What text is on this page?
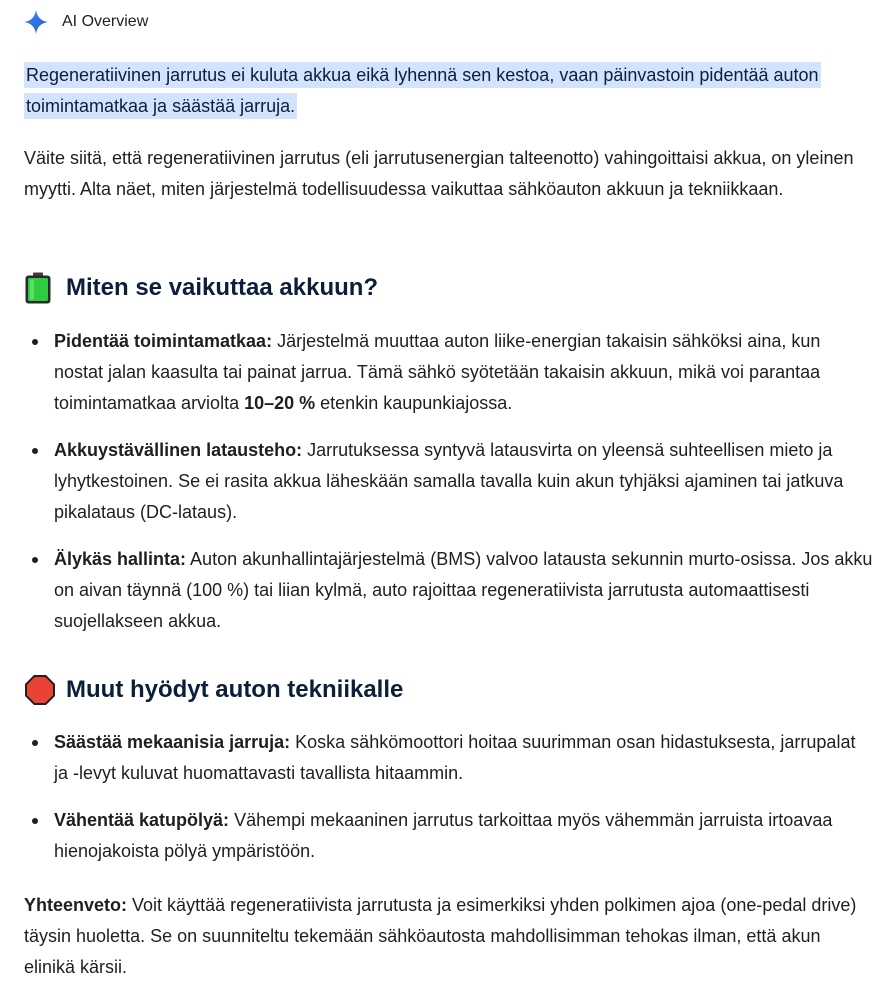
AI Overview
Regeneratiivinen jarrutus ei kuluta akkua eikä lyhennä sen kestoa, vaan päinvastoin pidentää auton toimintamatkaa ja säästää jarruja.

Väite siitä, että regeneratiivinen jarrutus (eli jarrutusenergian talteenotto) vahingoittaisi akkua, on yleinen myytti. Alta näet, miten järjestelmä todellisuudessa vaikuttaa sähköauton akkuun ja tekniikkaan.

Miten se vaikuttaa akkuun?
Pidentää toimintamatkaa: Järjestelmä muuttaa auton liike-energian takaisin sähköksi aina, kun nostat jalan kaasulta tai painat jarrua. Tämä sähkö syötetään takaisin akkuun, mikä voi parantaa toimintamatkaa arviolta 10–20 % etenkin kaupunkiajossa.
Akkuystävällinen latausteho: Jarrutuksessa syntyvä latausvirta on yleensä suhteellisen mieto ja lyhytkestoinen. Se ei rasita akkua läheskään samalla tavalla kuin akun tyhjäksi ajaminen tai jatkuva pikalataus (DC-lataus).
Älykäs hallinta: Auton akunhallintajärjestelmä (BMS) valvoo latausta sekunnin murto-osissa. Jos akku on aivan täynnä (100 %) tai liian kylmä, auto rajoittaa regeneratiivista jarrutusta automaattisesti suojellakseen akkua.
Muut hyödyt auton tekniikalle
Säästää mekaanisia jarruja: Koska sähkömoottori hoitaa suurimman osan hidastuksesta, jarrupalat ja -levyt kuluvat huomattavasti tavallista hitaammin.
Vähentää katupölyä: Vähempi mekaaninen jarrutus tarkoittaa myös vähemmän jarruista irtoavaa hienojakoista pölyä ympäristöön.

Yhteenveto: Voit käyttää regeneratiivista jarrutusta ja esimerkiksi yhden polkimen ajoa (one-pedal drive) täysin huoletta. Se on suunniteltu tekemään sähköautosta mahdollisimman tehokas ilman, että akun elinikä kärsii.
